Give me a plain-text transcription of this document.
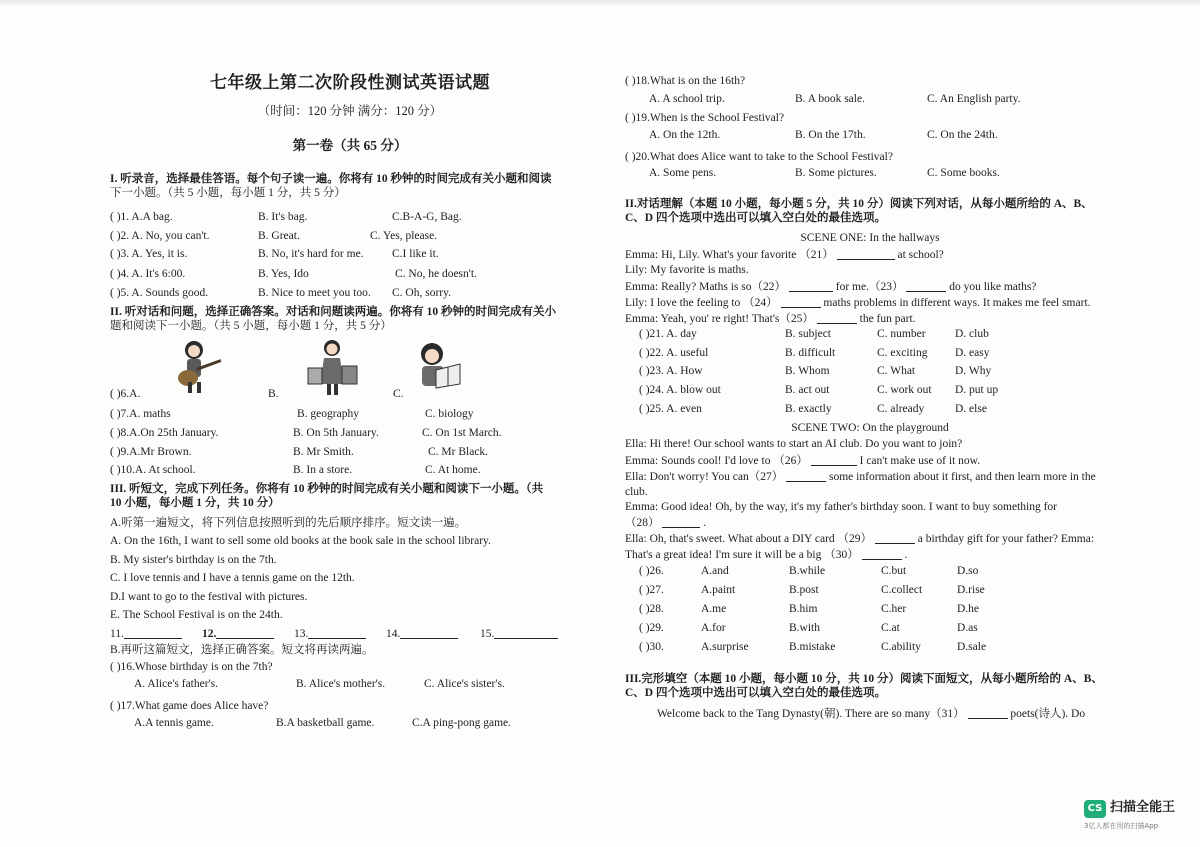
七年级上第二次阶段性测试英语试题
（时间：120 分钟 满分：120 分）
第一卷（共 65 分）
I. 听录音，选择最佳答语。每个句子读一遍。你将有 10 秒钟的时间完成有关小题和阅读
下一小题。（共 5 小题，每小题 1 分，共 5 分）
( )1. A.A bag.	B. It's bag.	C.B-A-G, Bag.
( )2. A. No, you can't.	B. Great.	C. Yes, please.
( )3. A. Yes, it is.	B. No, it's hard for me. C.I like it.
( )4. A. It's 6:00.	B. Yes, Ido	C. No, he doesn't.
( )5. A. Sounds good.	B. Nice to meet you too. C. Oh, sorry.
II. 听对话和问题，选择正确答案。对话和问题读两遍。你将有 10 秒钟的时间完成有关小
题和阅读下一小题。（共 5 小题，每小题 1 分，共 5 分）
( )6.A.	B.	C.
( )7.A. maths	B. geography	C. biology
( )8.A.On 25th January.	B. On 5th January.	C. On 1st March.
( )9.A.Mr Brown.	B. Mr Smith.	C. Mr Black.
( )10.A. At school.	B. In a store.	C. At home.
III. 听短文，完成下列任务。你将有 10 秒钟的时间完成有关小题和阅读下一小题。（共
10 小题，每小题 1 分，共 10 分）
A.听第一遍短文，将下列信息按照听到的先后顺序排序。短文读一遍。
A. On the 16th, I want to sell some old books at the book sale in the school library.
B. My sister's birthday is on the 7th.
C. I love tennis and I have a tennis game on the 12th.
D.I want to go to the festival with pictures.
E. The School Festival is on the 24th.
11.	12.	13.	14.	15.
B.再听这篇短文，选择正确答案。短文将再读两遍。
( )16.Whose birthday is on the 7th?
A. Alice's father's.	B. Alice's mother's.	C. Alice's sister's.
( )17.What game does Alice have?
A.A tennis game.	B.A basketball game.	C.A ping-pong game.
( )18.What is on the 16th?
A. A school trip.	B. A book sale.	C. An English party.
( )19.When is the School Festival?
A. On the 12th.	B. On the 17th.	C. On the 24th.
( )20.What does Alice want to take to the School Festival?
A. Some pens.	B. Some pictures.	C. Some books.
II.对话理解（本题 10 小题，每小题 5 分，共 10 分）阅读下列对话，从每小题所给的 A、B、
C、D 四个选项中选出可以填入空白处的最佳选项。
SCENE ONE: In the hallways
Emma: Hi, Lily. What's your favorite （21）	at school?
Lily: My favorite is maths.
Emma: Really? Maths is so（22）	for me.（23）	do you like maths?
Lily: I love the feeling to （24）	maths problems in different ways. It makes me feel smart.
Emma: Yeah, you' re right! That's（25）	the fun part.
( )21. A. day	B. subject	C. number	D. club
( )22. A. useful	B. difficult	C. exciting D. easy
( )23. A. How	B. Whom	C. What	D. Why
( )24. A. blow out	B. act out	C. work out D. put up
( )25. A. even	B. exactly	C. already	D. else
SCENE TWO: On the playground
Ella: Hi there! Our school wants to start an AI club. Do you want to join?
Emma: Sounds cool! I'd love to （26）	I can't make use of it now.
Ella: Don't worry! You can（27）	some information about it first, and then learn more in the
club.
Emma: Good idea! Oh, by the way, it's my father's birthday soon. I want to buy something for
（28）	.
Ella: Oh, that's sweet. What about a DIY card （29）	a birthday gift for your father? Emma:
That's a great idea! I'm sure it will be a big （30）	.
( )26.	A.and	B.while	C.but	D.so
( )27.	A.paint	B.post	C.collect	D.rise
( )28.	A.me	B.him	C.her	D.he
( )29.	A.for	B.with	C.at	D.as
( )30.	A.surprise	B.mistake	C.ability	D.sale
III.完形填空（本题 10 小题，每小题 10 分，共 10 分）阅读下面短文，从每小题所给的 A、B、
C、D 四个选项中选出可以填入空白处的最佳选项。
Welcome back to the Tang Dynasty(朝). There are so many（31）	poets(诗人). Do
CS 扫描全能王
3亿人都在用的扫描App
